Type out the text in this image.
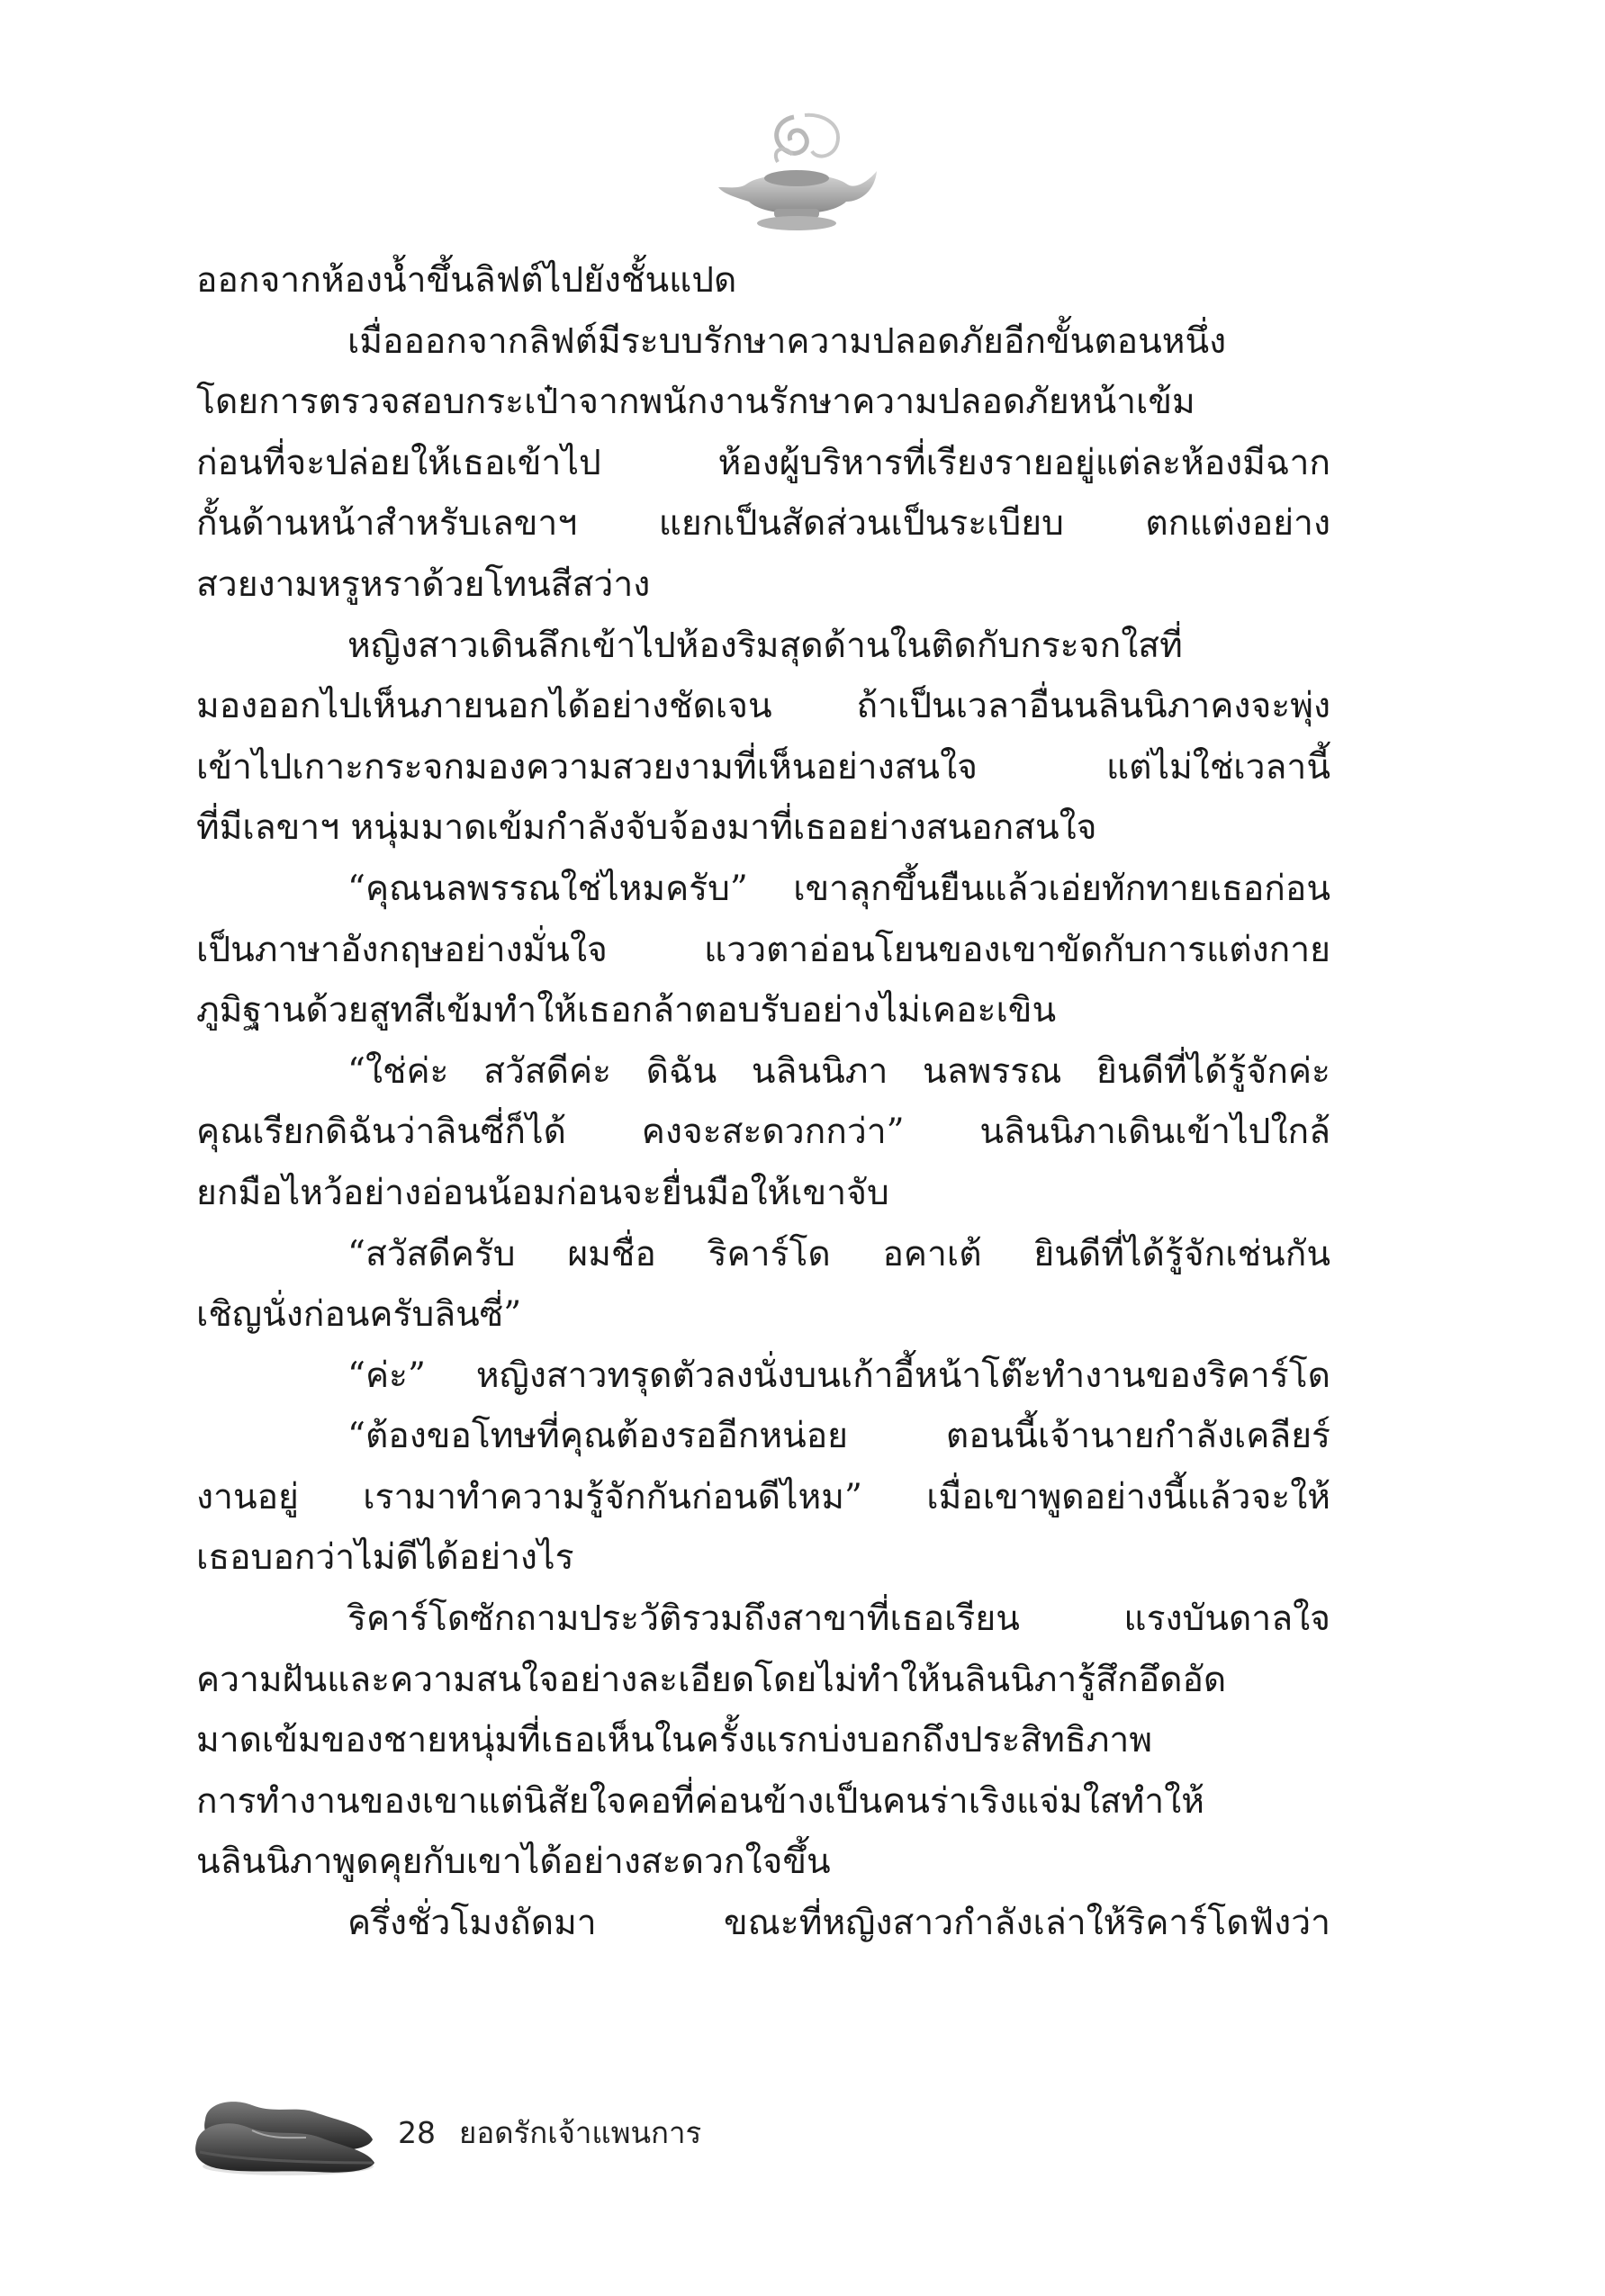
ออกจากห้องน้ำขึ้นลิฟต์ไปยังชั้นแปด
เมื่อออกจากลิฟต์มีระบบรักษาความปลอดภัยอีกขั้นตอนหนึ่ง
โดยการตรวจสอบกระเป๋าจากพนักงานรักษาความปลอดภัยหน้าเข้ม
ก่อนที่จะปล่อยให้เธอเข้าไป ห้องผู้บริหารที่เรียงรายอยู่แต่ละห้องมีฉาก
กั้นด้านหน้าสำหรับเลขาฯ แยกเป็นสัดส่วนเป็นระเบียบ ตกแต่งอย่าง
สวยงามหรูหราด้วยโทนสีสว่าง
หญิงสาวเดินลึกเข้าไปห้องริมสุดด้านในติดกับกระจกใสที่
มองออกไปเห็นภายนอกได้อย่างชัดเจน ถ้าเป็นเวลาอื่นนลินนิภาคงจะพุ่ง
เข้าไปเกาะกระจกมองความสวยงามที่เห็นอย่างสนใจ แต่ไม่ใช่เวลานี้
ที่มีเลขาฯ หนุ่มมาดเข้มกำลังจับจ้องมาที่เธออย่างสนอกสนใจ
“คุณนลพรรณใช่ไหมครับ” เขาลุกขึ้นยืนแล้วเอ่ยทักทายเธอก่อน
เป็นภาษาอังกฤษอย่างมั่นใจ แววตาอ่อนโยนของเขาขัดกับการแต่งกาย
ภูมิฐานด้วยสูทสีเข้มทำให้เธอกล้าตอบรับอย่างไม่เคอะเขิน
“ใช่ค่ะ สวัสดีค่ะ ดิฉัน นลินนิภา นลพรรณ ยินดีที่ได้รู้จักค่ะ
คุณเรียกดิฉันว่าลินซี่ก็ได้ คงจะสะดวกกว่า” นลินนิภาเดินเข้าไปใกล้
ยกมือไหว้อย่างอ่อนน้อมก่อนจะยื่นมือให้เขาจับ
“สวัสดีครับ ผมชื่อ ริคาร์โด อคาเต้ ยินดีที่ได้รู้จักเช่นกัน
เชิญนั่งก่อนครับลินซี่”
“ค่ะ” หญิงสาวทรุดตัวลงนั่งบนเก้าอี้หน้าโต๊ะทำงานของริคาร์โด
“ต้องขอโทษที่คุณต้องรออีกหน่อย ตอนนี้เจ้านายกำลังเคลียร์
งานอยู่ เรามาทำความรู้จักกันก่อนดีไหม” เมื่อเขาพูดอย่างนี้แล้วจะให้
เธอบอกว่าไม่ดีได้อย่างไร
ริคาร์โดซักถามประวัติรวมถึงสาขาที่เธอเรียน แรงบันดาลใจ
ความฝันและความสนใจอย่างละเอียดโดยไม่ทำให้นลินนิภารู้สึกอึดอัด
มาดเข้มของชายหนุ่มที่เธอเห็นในครั้งแรกบ่งบอกถึงประสิทธิภาพ
การทำงานของเขาแต่นิสัยใจคอที่ค่อนข้างเป็นคนร่าเริงแจ่มใสทำให้
นลินนิภาพูดคุยกับเขาได้อย่างสะดวกใจขึ้น
ครึ่งชั่วโมงถัดมา ขณะที่หญิงสาวกำลังเล่าให้ริคาร์โดฟังว่า
28 ยอดรักเจ้าแพนการ
